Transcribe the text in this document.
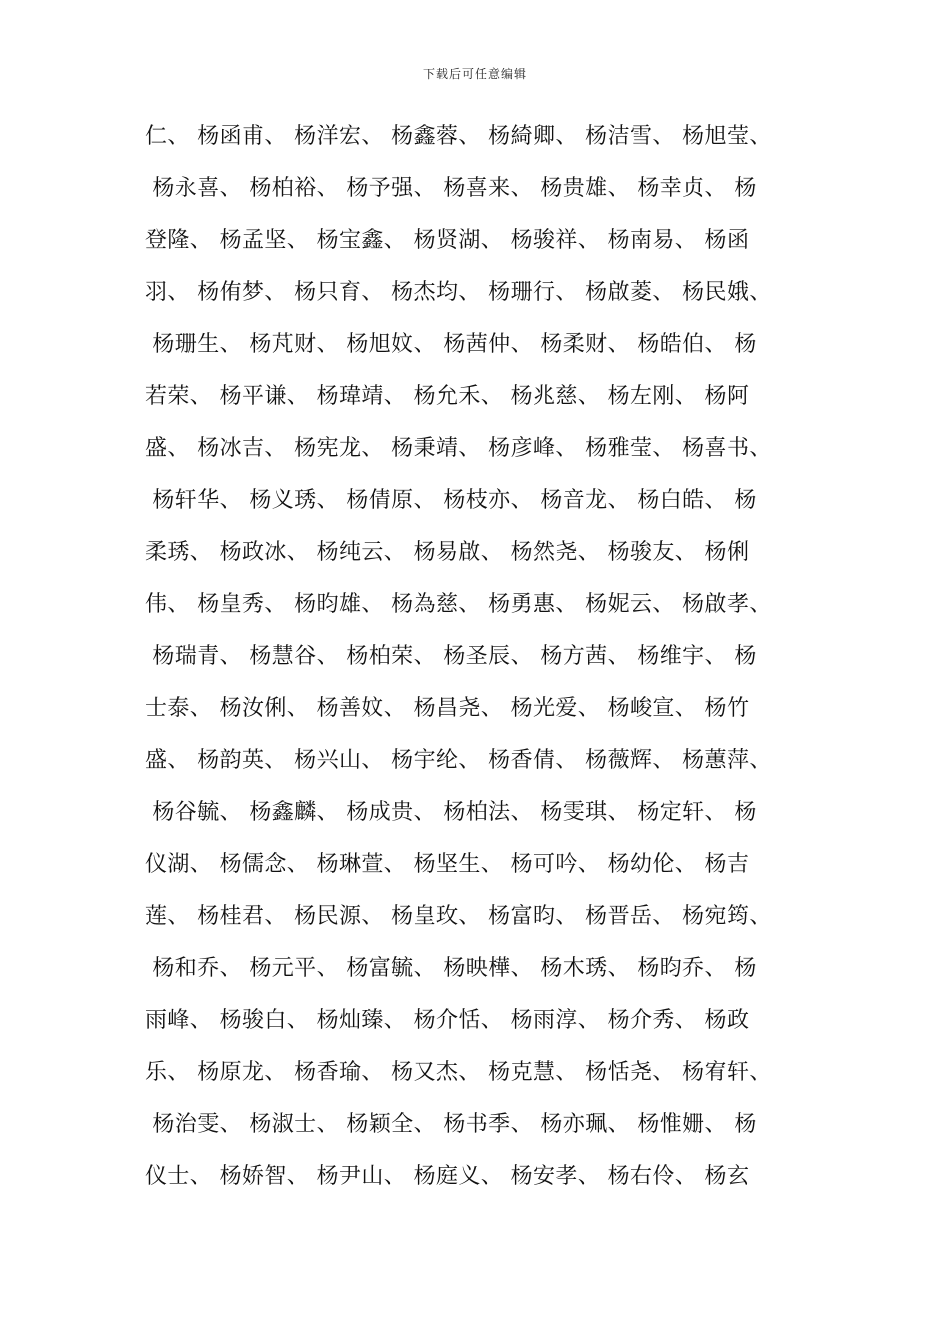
下载后可任意编辑
仁、 杨函甫、 杨洋宏、 杨鑫蓉、 杨綺卿、 杨洁雪、 杨旭莹、
杨永喜、 杨柏裕、 杨予强、 杨喜来、 杨贵雄、 杨幸贞、 杨
登隆、 杨孟坚、 杨宝鑫、 杨贤湖、 杨骏祥、 杨南易、 杨函
羽、 杨侑梦、 杨只育、 杨杰均、 杨珊行、 杨啟菱、 杨民娥、
杨珊生、 杨芃财、 杨旭妏、 杨茜仲、 杨柔财、 杨皓伯、 杨
若荣、 杨平谦、 杨瑋靖、 杨允禾、 杨兆慈、 杨左刚、 杨阿
盛、 杨冰吉、 杨宪龙、 杨秉靖、 杨彦峰、 杨雅莹、 杨喜书、
杨轩华、 杨义琇、 杨倩原、 杨枝亦、 杨音龙、 杨白皓、 杨
柔琇、 杨政冰、 杨纯云、 杨易啟、 杨然尧、 杨骏友、 杨俐
伟、 杨皇秀、 杨昀雄、 杨為慈、 杨勇惠、 杨妮云、 杨啟孝、
杨瑞青、 杨慧谷、 杨柏荣、 杨圣辰、 杨方茜、 杨维宇、 杨
士泰、 杨汝俐、 杨善妏、 杨昌尧、 杨光爱、 杨峻宣、 杨竹
盛、 杨韵英、 杨兴山、 杨宇纶、 杨香倩、 杨薇辉、 杨蕙萍、
杨谷毓、 杨鑫麟、 杨成贵、 杨柏法、 杨雯琪、 杨定轩、 杨
仪湖、 杨儒念、 杨琳萱、 杨坚生、 杨可吟、 杨幼伦、 杨吉
莲、 杨桂君、 杨民源、 杨皇玫、 杨富昀、 杨晋岳、 杨宛筠、
杨和乔、 杨元平、 杨富毓、 杨映樺、 杨木琇、 杨昀乔、 杨
雨峰、 杨骏白、 杨灿臻、 杨介恬、 杨雨淳、 杨介秀、 杨政
乐、 杨原龙、 杨香瑜、 杨又杰、 杨克慧、 杨恬尧、 杨宥轩、
杨治雯、 杨淑士、 杨颖全、 杨书季、 杨亦珮、 杨惟姗、 杨
仪士、 杨娇智、 杨尹山、 杨庭义、 杨安孝、 杨右伶、 杨玄
